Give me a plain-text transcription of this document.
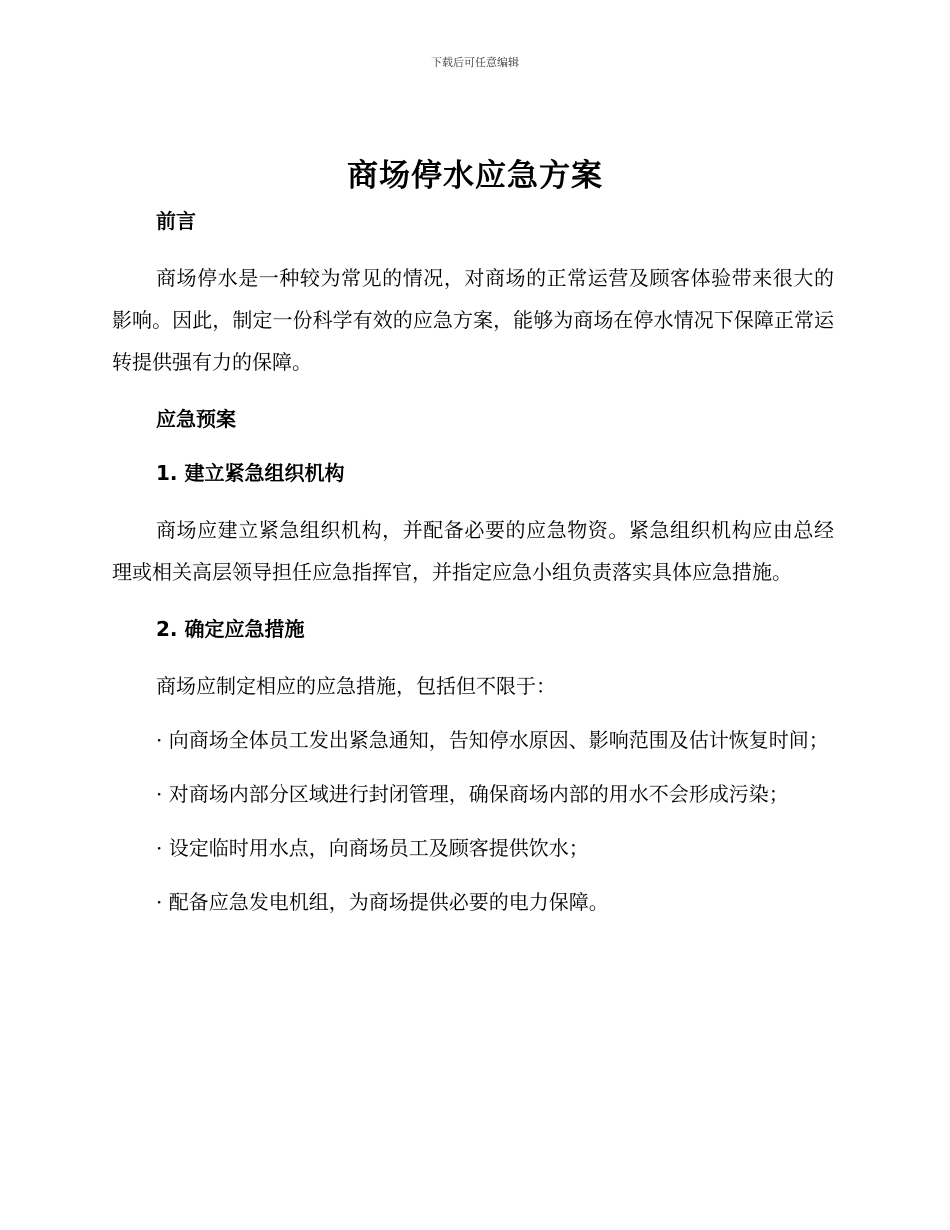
下载后可任意编辑
商场停水应急方案
前言

商场停水是一种较为常见的情况，对商场的正常运营及顾客体验带来很大的影响。因此，制定一份科学有效的应急方案，能够为商场在停水情况下保障正常运转提供强有力的保障。

应急预案
1. 建立紧急组织机构

商场应建立紧急组织机构，并配备必要的应急物资。紧急组织机构应由总经理或相关高层领导担任应急指挥官，并指定应急小组负责落实具体应急措施。

2. 确定应急措施

商场应制定相应的应急措施，包括但不限于：

· 向商场全体员工发出紧急通知，告知停水原因、影响范围及估计恢复时间；

· 对商场内部分区域进行封闭管理，确保商场内部的用水不会形成污染；

· 设定临时用水点，向商场员工及顾客提供饮水；

· 配备应急发电机组，为商场提供必要的电力保障。
